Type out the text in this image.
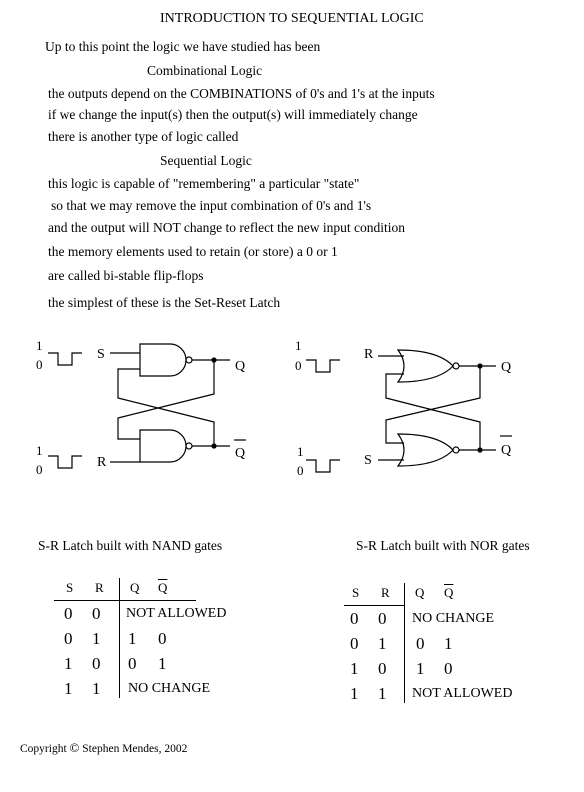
INTRODUCTION TO SEQUENTIAL LOGIC
Up to this point the logic we have studied has been
Combinational Logic
the outputs depend on the COMBINATIONS of 0's and 1's at the inputs
if we change the input(s) then the output(s) will immediately change
there is another type of logic called
Sequential Logic
this logic is capable of "remembering" a particular "state"
so that we may remove the input combination of 0's and 1's
and the output will NOT change to reflect the new input condition
the memory elements used to retain (or store) a 0 or 1
are called bi-stable flip-flops
the simplest of these is the Set-Reset Latch
1
0
1
0
S
R
Q
Q
1
0
1
0
R
S
Q
Q
S-R Latch built with NAND gates	S-R Latch built with NOR gates
S R Q $\overline{Q}$
0 0 NOT ALLOWED
0 1 1 0
1 0 0 1
1 1 NO CHANGE
S R Q $\overline{Q}$
0 0 NO CHANGE
0 1 0 1
1 0 1 0
1 1 NOT ALLOWED
Copyright © Stephen Mendes, 2002
